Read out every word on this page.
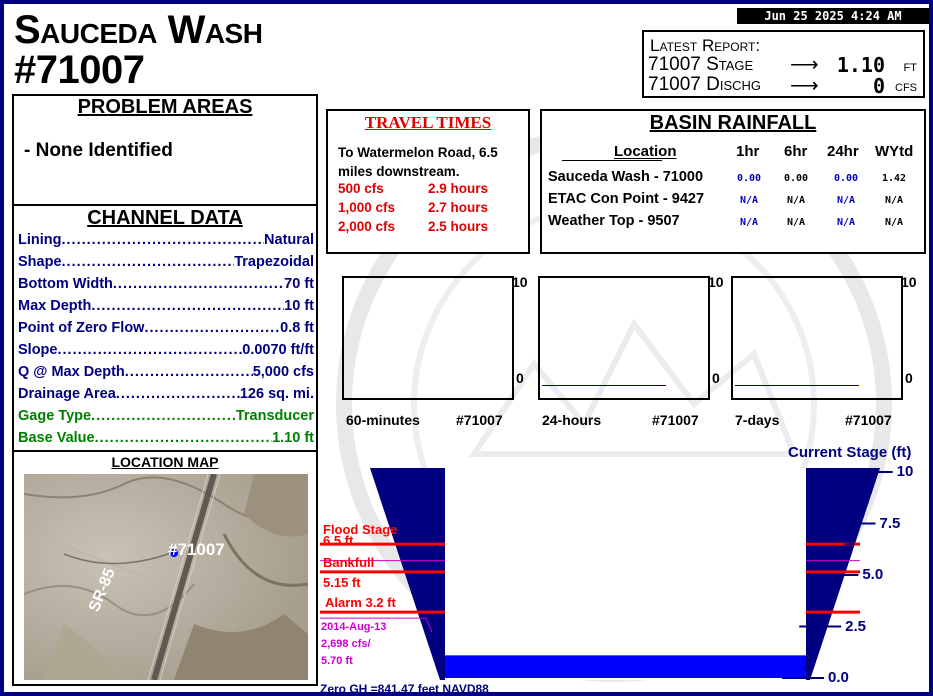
Sauceda Wash
#71007
Jun 25 2025 4:24 AM
Latest Report:
71007 Stage ⟶ 1.10 FT
71007 Dischg ⟶	0 CFS
PROBLEM AREAS
- None Identified
CHANNEL DATA
Lining .....	Natural
Shape .....	Trapezoidal
Bottom Width .....	70 ft
Max Depth .....	10 ft
Point of Zero Flow .....	0.8 ft
Slope .....	0.0070 ft/ft
Q @ Max Depth .....	5,000 cfs
Drainage Area .....	126 sq. mi.
Gage Type .....	Transducer
Base Value .....	1.10 ft
LOCATION MAP
#71007
SR-85
TRAVEL TIMES
To Watermelon Road, 6.5 miles downstream.
500 cfs	2.9 hours
1,000 cfs 2.7 hours
2,000 cfs 2.5 hours
BASIN RAINFALL
Location	1hr 6hr 24hr WYtd
Sauceda Wash - 71000	0.00	0.00	0.00	1.42
ETAC Con Point - 9427	N/A	N/A	N/A	N/A
Weather Top - 9507	N/A	N/A	N/A	N/A
10
0
60-minutes	#71007
10
0
24-hours	#71007
10
0
7-days	#71007
Current Stage (ft)
Flood Stage 6.5 ft
Bankfull
5.15 ft
Alarm 3.2 ft
2014-Aug-13
2,698 cfs/
5.70 ft
10
7.5
5.0
2.5
0.0
Zero GH =841.47 feet NAVD88
